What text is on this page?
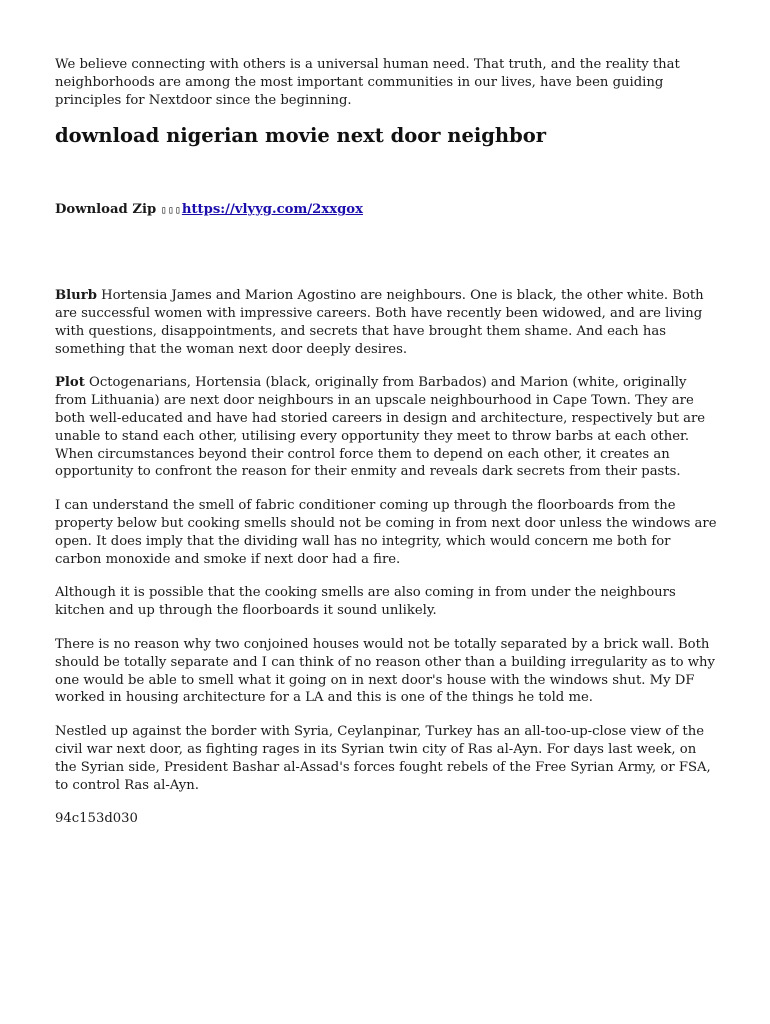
We believe connecting with others is a universal human need. That truth, and the reality that neighborhoods are among the most important communities in our lives, have been guiding principles for Nextdoor since the beginning.

download nigerian movie next door neighbor

Download Zip ▯▯▯https://vlyyg.com/2xxgox

Blurb Hortensia James and Marion Agostino are neighbours. One is black, the other white. Both are successful women with impressive careers. Both have recently been widowed, and are living with questions, disappointments, and secrets that have brought them shame. And each has something that the woman next door deeply desires.

Plot Octogenarians, Hortensia (black, originally from Barbados) and Marion (white, originally from Lithuania) are next door neighbours in an upscale neighbourhood in Cape Town. They are both well-educated and have had storied careers in design and architecture, respectively but are unable to stand each other, utilising every opportunity they meet to throw barbs at each other. When circumstances beyond their control force them to depend on each other, it creates an opportunity to confront the reason for their enmity and reveals dark secrets from their pasts.

I can understand the smell of fabric conditioner coming up through the floorboards from the property below but cooking smells should not be coming in from next door unless the windows are open. It does imply that the dividing wall has no integrity, which would concern me both for carbon monoxide and smoke if next door had a fire.

Although it is possible that the cooking smells are also coming in from under the neighbours kitchen and up through the floorboards it sound unlikely.

There is no reason why two conjoined houses would not be totally separated by a brick wall. Both should be totally separate and I can think of no reason other than a building irregularity as to why one would be able to smell what it going on in next door's house with the windows shut. My DF worked in housing architecture for a LA and this is one of the things he told me.

Nestled up against the border with Syria, Ceylanpinar, Turkey has an all-too-up-close view of the civil war next door, as fighting rages in its Syrian twin city of Ras al-Ayn. For days last week, on the Syrian side, President Bashar al-Assad's forces fought rebels of the Free Syrian Army, or FSA, to control Ras al-Ayn.

94c153d030
